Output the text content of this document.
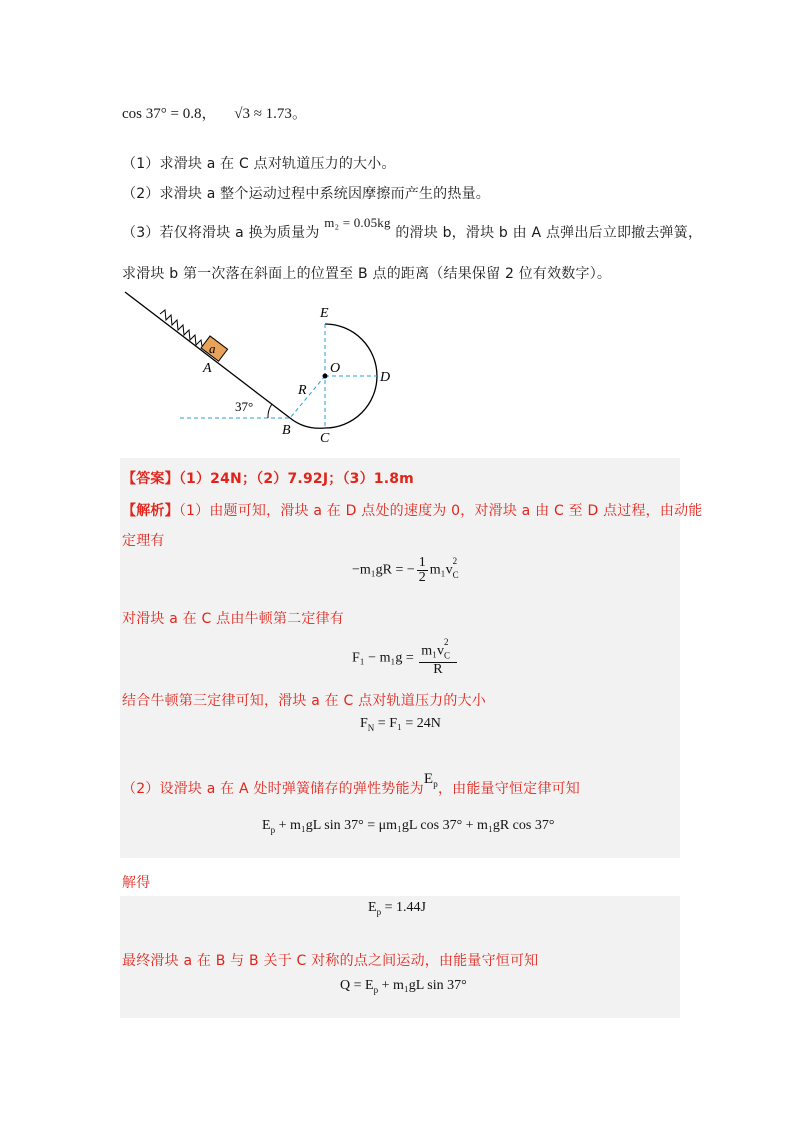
cos 37° = 0.8， √3 ≈ 1.73。
（1）求滑块 a 在 C 点对轨道压力的大小。
（2）求滑块 a 整个运动过程中系统因摩擦而产生的热量。
（3）若仅将滑块 a 换为质量为 m₂ = 0.05kg 的滑块 b，滑块 b 由 A 点弹出后立即撤去弹簧，
求滑块 b 第一次落在斜面上的位置至 B 点的距离（结果保留 2 位有效数字）。
a
A
B
C
D
E
O
R
37°
【答案】（1）24N；（2）7.92J；（3）1.8m
【解析】（1）由题可知，滑块 a 在 D 点处的速度为 0，对滑块 a 由 C 至 D 点过程，由动能
定理有
−m₁gR = − $\frac{1}{2} m_1v_C^2$
对滑块 a 在 C 点由牛顿第二定律有
$F_1 - m_1g = \frac{m_1v_C^2}{R}$
结合牛顿第三定律可知，滑块 a 在 C 点对轨道压力的大小
$F_N = F_1 = 24N$
（2）设滑块 a 在 A 处时弹簧储存的弹性势能为$E_p$，由能量守恒定律可知
$E_p + m_1gL$ sin 37° = μm₁gL cos 37° + m₁gR cos 37°
解得
$E_p = 1.44J$
最终滑块 a 在 B 与 B 关于 C 对称的点之间运动，由能量守恒可知
$Q = E_p + m_1gL$ sin 37°
